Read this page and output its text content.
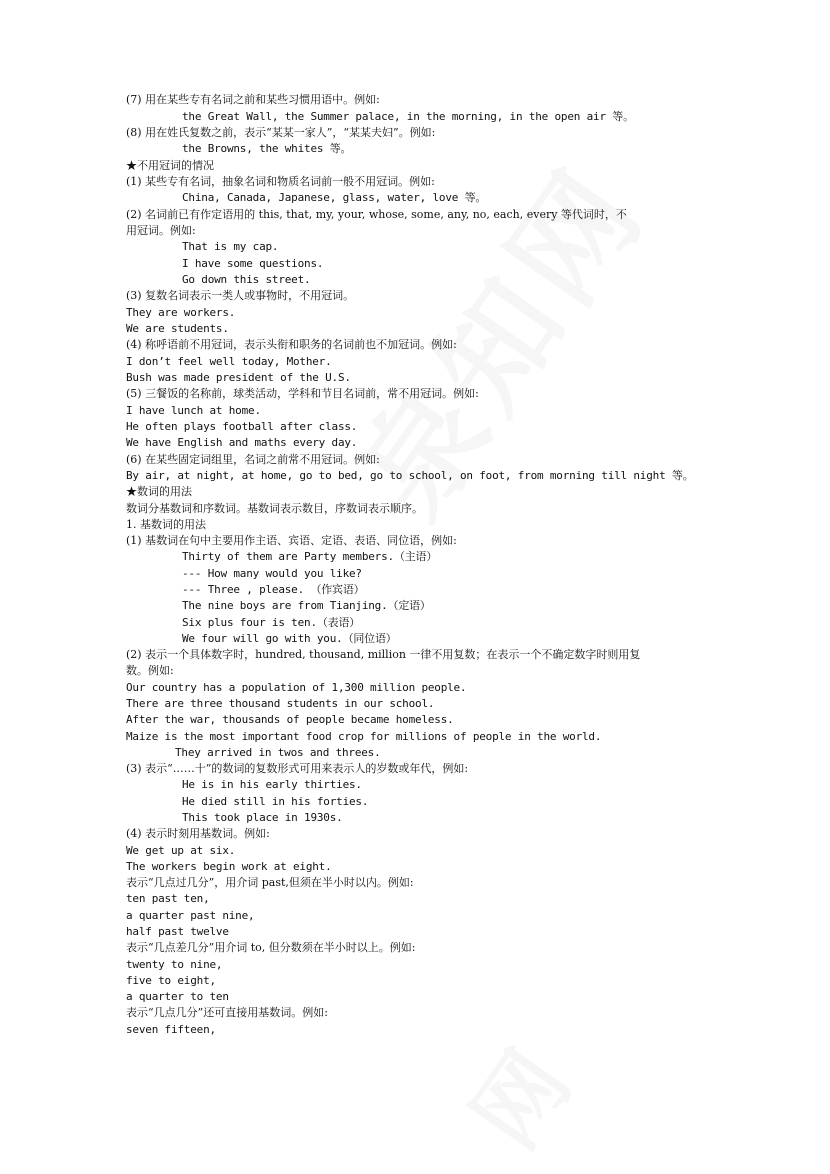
(7) 用在某些专有名词之前和某些习惯用语中。例如:
the Great Wall, the Summer palace, in the morning, in the open air 等。
(8) 用在姓氏复数之前，表示“某某一家人”，“某某夫妇”。例如:
the Browns, the whites 等。
★不用冠词的情况
(1) 某些专有名词，抽象名词和物质名词前一般不用冠词。例如:
China, Canada, Japanese, glass, water, love 等。
(2) 名词前已有作定语用的 this, that, my, your, whose, some, any, no, each, every 等代词时，不
用冠词。例如:
That is my cap.
I have some questions.
Go down this street.
(3) 复数名词表示一类人或事物时，不用冠词。
They are workers.
We are students.
(4) 称呼语前不用冠词，表示头衔和职务的名词前也不加冠词。例如:
I don’t feel well today, Mother.
Bush was made president of the U.S.
(5) 三餐饭的名称前，球类活动，学科和节目名词前，常不用冠词。例如:
I have lunch at home.
He often plays football after class.
We have English and maths every day.
(6) 在某些固定词组里，名词之前常不用冠词。例如:
By air, at night, at home, go to bed, go to school, on foot, from morning till night 等。
★数词的用法
数词分基数词和序数词。基数词表示数目，序数词表示顺序。
1. 基数词的用法
(1) 基数词在句中主要用作主语、宾语、定语、表语、同位语，例如:
Thirty of them are Party members.（主语）
--- How many would you like?
--- Three , please. （作宾语）
The nine boys are from Tianjing.（定语）
Six plus four is ten.（表语）
We four will go with you.（同位语）
(2) 表示一个具体数字时，hundred, thousand, million 一律不用复数；在表示一个不确定数字时则用复
数。例如:
Our country has a population of 1,300 million people.
There are three thousand students in our school.
After the war, thousands of people became homeless.
Maize is the most important food crop for millions of people in the world.
They arrived in twos and threes.
(3) 表示“……十”的数词的复数形式可用来表示人的岁数或年代，例如:
He is in his early thirties.
He died still in his forties.
This took place in 1930s.
(4) 表示时刻用基数词。例如:
We get up at six.
The workers begin work at eight.
表示“几点过几分”，用介词 past,但须在半小时以内。例如:
ten past ten,
a quarter past nine,
half past twelve
表示“几点差几分”用介词 to, 但分数须在半小时以上。例如:
twenty to nine,
five to eight,
a quarter to ten
表示“几点几分”还可直接用基数词。例如:
seven fifteen,
